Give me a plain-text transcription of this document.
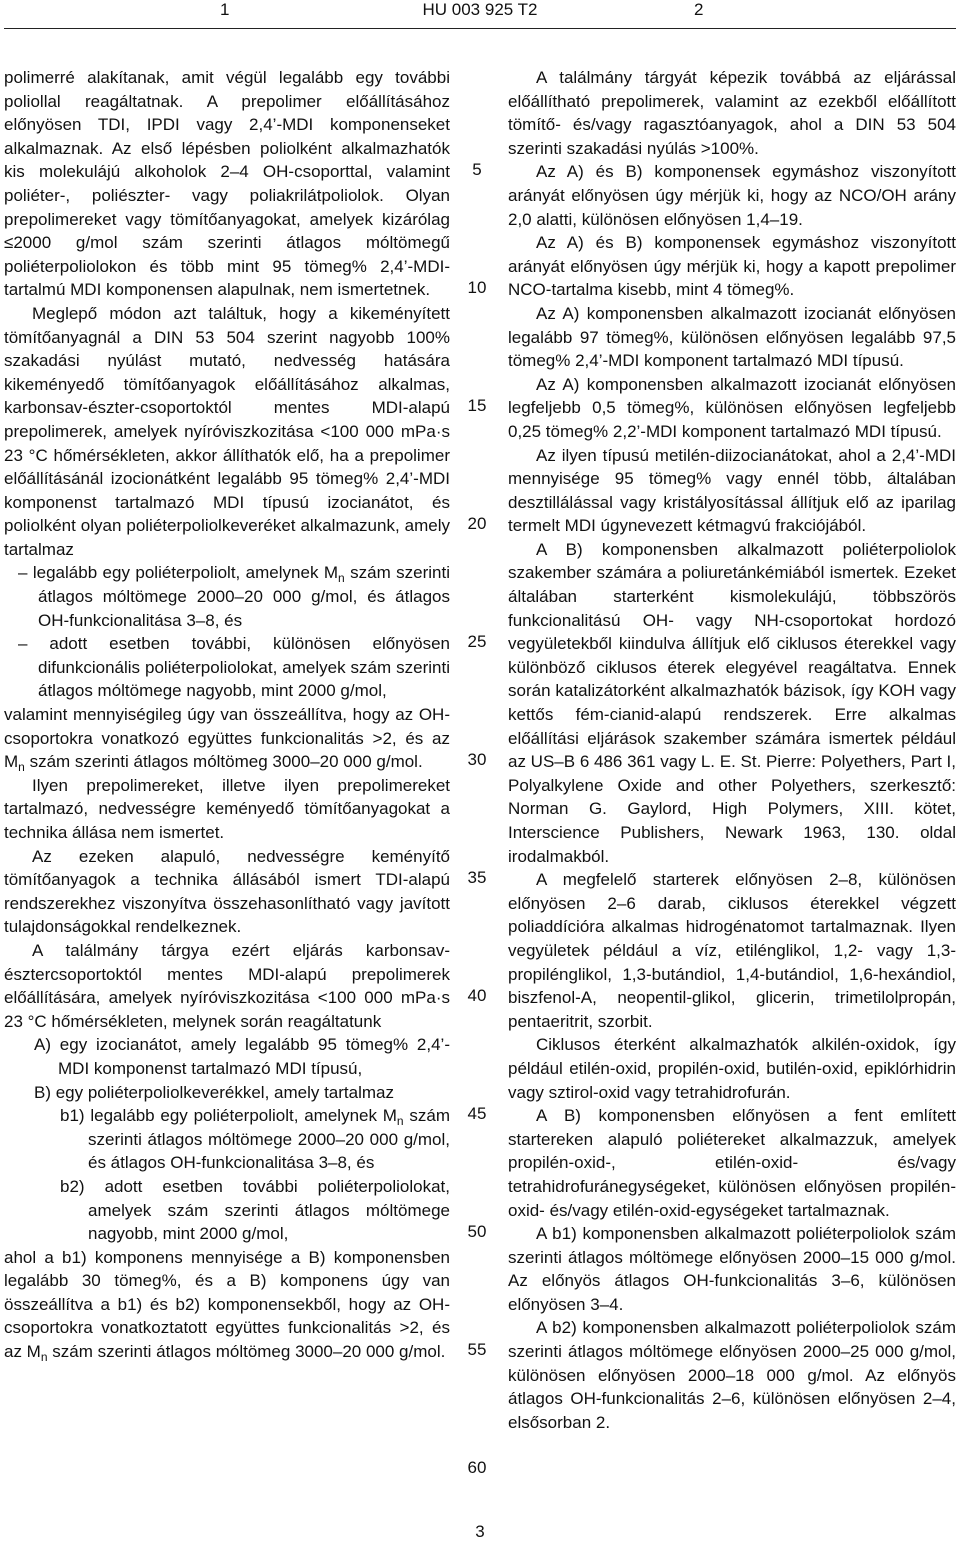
1	HU 003 925 T2	2

polimerré alakítanak, amit végül legalább egy további poliollal reagáltatnak. A prepolimer előállításához előnyösen TDI, IPDI vagy 2,4’-MDI komponenseket alkalmaznak. Az első lépésben poliolként alkalmazhatók kis molekulájú alkoholok 2–4 OH-csoporttal, valamint poliéter-, poliészter- vagy poliakrilátpoliolok. Olyan prepolimereket vagy tömítőanyagokat, amelyek kizárólag ≤2000 g/mol szám szerinti átlagos móltömegű poliéterpoliolokon és több mint 95 tömeg% 2,4’-MDI-tartalmú MDI komponensen alapulnak, nem ismertetnek.

Meglepő módon azt találtuk, hogy a kikeményített tömítőanyagnál a DIN 53 504 szerint nagyobb 100% szakadási nyúlást mutató, nedvesség hatására kikeményedő tömítőanyagok előállításához alkalmas, karbonsav-észter-csoportoktól mentes MDI-alapú prepolimerek, amelyek nyíróviszkozitása <100 000 mPa·s 23 °C hőmérsékleten, akkor állíthatók elő, ha a prepolimer előállításánál izocionátként legalább 95 tömeg% 2,4’-MDI komponenst tartalmazó MDI típusú izocianátot, és poliolként olyan poliéterpoliolkeveréket alkalmazunk, amely tartalmaz

– legalább egy poliéterpoliolt, amelynek $M_n$ szám szerinti átlagos móltömege 2000–20 000 g/mol, és átlagos OH-funkcionalitása 3–8, és

– adott esetben további, különösen előnyösen difunkcionális poliéterpoliolokat, amelyek szám szerinti átlagos móltömege nagyobb, mint 2000 g/mol,

valamint mennyiségileg úgy van összeállítva, hogy az OH-csoportokra vonatkozó együttes funkcionalitás >2, és az $M_n$ szám szerinti átlagos móltömeg 3000–20 000 g/mol.

Ilyen prepolimereket, illetve ilyen prepolimereket tartalmazó, nedvességre keményedő tömítőanyagokat a technika állása nem ismertet.

Az ezeken alapuló, nedvességre keményítő tömítőanyagok a technika állásából ismert TDI-alapú rendszerekhez viszonyítva összehasonlítható vagy javított tulajdonságokkal rendelkeznek.

A találmány tárgya ezért eljárás karbonsav-észtercsoportoktól mentes MDI-alapú prepolimerek előállítására, amelyek nyíróviszkozitása <100 000 mPa·s 23 °C hőmérsékleten, melynek során reagáltatunk

A) egy izocianátot, amely legalább 95 tömeg% 2,4’-MDI komponenst tartalmazó MDI típusú,

B) egy poliéterpoliolkeverékkel, amely tartalmaz

b1) legalább egy poliéterpoliolt, amelynek $M_n$ szám szerinti átlagos móltömege 2000–20 000 g/mol, és átlagos OH-funkcionalitása 3–8, és

b2) adott esetben további poliéterpoliolokat, amelyek szám szerinti átlagos móltömege nagyobb, mint 2000 g/mol,

ahol a b1) komponens mennyisége a B) komponensben legalább 30 tömeg%, és a B) komponens úgy van összeállítva a b1) és b2) komponensekből, hogy az OH-csoportokra vonatkoztatott együttes funkcionalitás >2, és az $M_n$ szám szerinti átlagos móltömeg 3000–20 000 g/mol.

5
10
15
20
25
30
35
40
45
50
55
60

A találmány tárgyát képezik továbbá az eljárással előállítható prepolimerek, valamint az ezekből előállított tömítő- és/vagy ragasztóanyagok, ahol a DIN 53 504 szerinti szakadási nyúlás >100%.

Az A) és B) komponensek egymáshoz viszonyított arányát előnyösen úgy mérjük ki, hogy az NCO/OH arány 2,0 alatti, különösen előnyösen 1,4–19.

Az A) és B) komponensek egymáshoz viszonyított arányát előnyösen úgy mérjük ki, hogy a kapott prepolimer NCO-tartalma kisebb, mint 4 tömeg%.

Az A) komponensben alkalmazott izocianát előnyösen legalább 97 tömeg%, különösen előnyösen legalább 97,5 tömeg% 2,4’-MDI komponent tartalmazó MDI típusú.

Az A) komponensben alkalmazott izocianát előnyösen legfeljebb 0,5 tömeg%, különösen előnyösen legfeljebb 0,25 tömeg% 2,2’-MDI komponent tartalmazó MDI típusú.

Az ilyen típusú metilén-diizocianátokat, ahol a 2,4’-MDI mennyisége 95 tömeg% vagy ennél több, általában desztillálással vagy kristályosítással állítjuk elő az iparilag termelt MDI úgynevezett kétmagvú frakciójából.

A B) komponensben alkalmazott poliéterpoliolok szakember számára a poliuretánkémiából ismertek. Ezeket általában starterként kismolekulájú, többszörös funkcionalitású OH- vagy NH-csoportokat hordozó vegyületekből kiindulva állítjuk elő ciklusos éterekkel vagy különböző ciklusos éterek elegyével reagáltatva. Ennek során katalizátorként alkalmazhatók bázisok, így KOH vagy kettős fém-cianid-alapú rendszerek. Erre alkalmas előállítási eljárások szakember számára ismertek például az US–B 6 486 361 vagy L. E. St. Pierre: Polyethers, Part I, Polyalkylene Oxide and other Polyethers, szerkesztő: Norman G. Gaylord, High Polymers, XIII. kötet, Interscience Publishers, Newark 1963, 130. oldal irodalmakból.

A megfelelő starterek előnyösen 2–8, különösen előnyösen 2–6 darab, ciklusos éterekkel végzett poliaddícióra alkalmas hidrogénatomot tartalmaznak. Ilyen vegyületek például a víz, etilénglikol, 1,2- vagy 1,3-propilénglikol, 1,3-butándiol, 1,4-butándiol, 1,6-hexándiol, biszfenol-A, neopentil-glikol, glicerin, trimetilolpropán, pentaeritrit, szorbit.

Ciklusos éterként alkalmazhatók alkilén-oxidok, így például etilén-oxid, propilén-oxid, butilén-oxid, epiklórhidrin vagy sztirol-oxid vagy tetrahidrofurán.

A B) komponensben előnyösen a fent említett startereken alapuló poliétereket alkalmazzuk, amelyek propilén-oxid-, etilén-oxid- és/vagy tetrahidrofuránegységeket, különösen előnyösen propilén-oxid- és/vagy etilén-oxid-egységeket tartalmaznak.

A b1) komponensben alkalmazott poliéterpoliolok szám szerinti átlagos móltömege előnyösen 2000–15 000 g/mol. Az előnyös átlagos OH-funkcionalitás 3–6, különösen előnyösen 3–4.

A b2) komponensben alkalmazott poliéterpoliolok szám szerinti átlagos móltömege előnyösen 2000–25 000 g/mol, különösen előnyösen 2000–18 000 g/mol. Az előnyös átlagos OH-funkcionalitás 2–6, különösen előnyösen 2–4, elsősorban 2.

3
